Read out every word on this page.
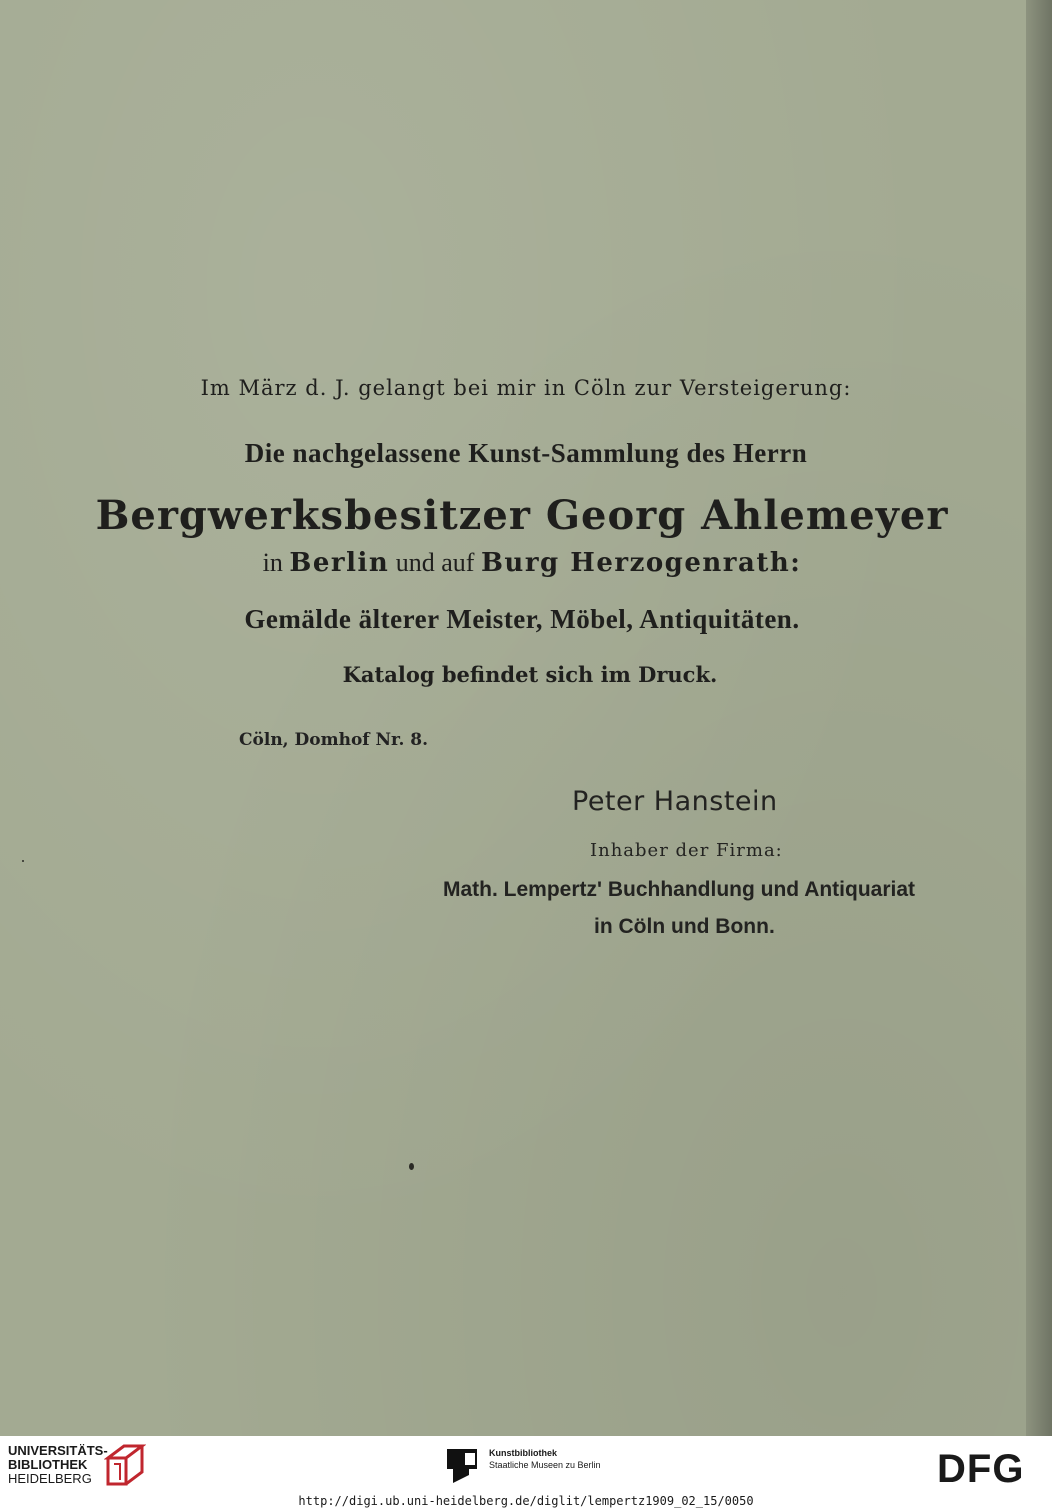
Im März d. J. gelangt bei mir in Cöln zur Versteigerung:
Die nachgelassene Kunst-Sammlung des Herrn
Bergwerksbesitzer Georg Ahlemeyer
in Berlin und auf Burg Herzogenrath:
Gemälde älterer Meister, Möbel, Antiquitäten.
Katalog befindet sich im Druck.
Cöln, Domhof Nr. 8.
Peter Hanstein
Inhaber der Firma:
Math. Lempertz' Buchhandlung und Antiquariat
in Cöln und Bonn.
UNIVERSITÄTS-
BIBLIOTHEK
HEIDELBERG
Kunstbibliothek
Staatliche Museen zu Berlin	DFG
http://digi.ub.uni-heidelberg.de/diglit/lempertz1909_02_15/0050
